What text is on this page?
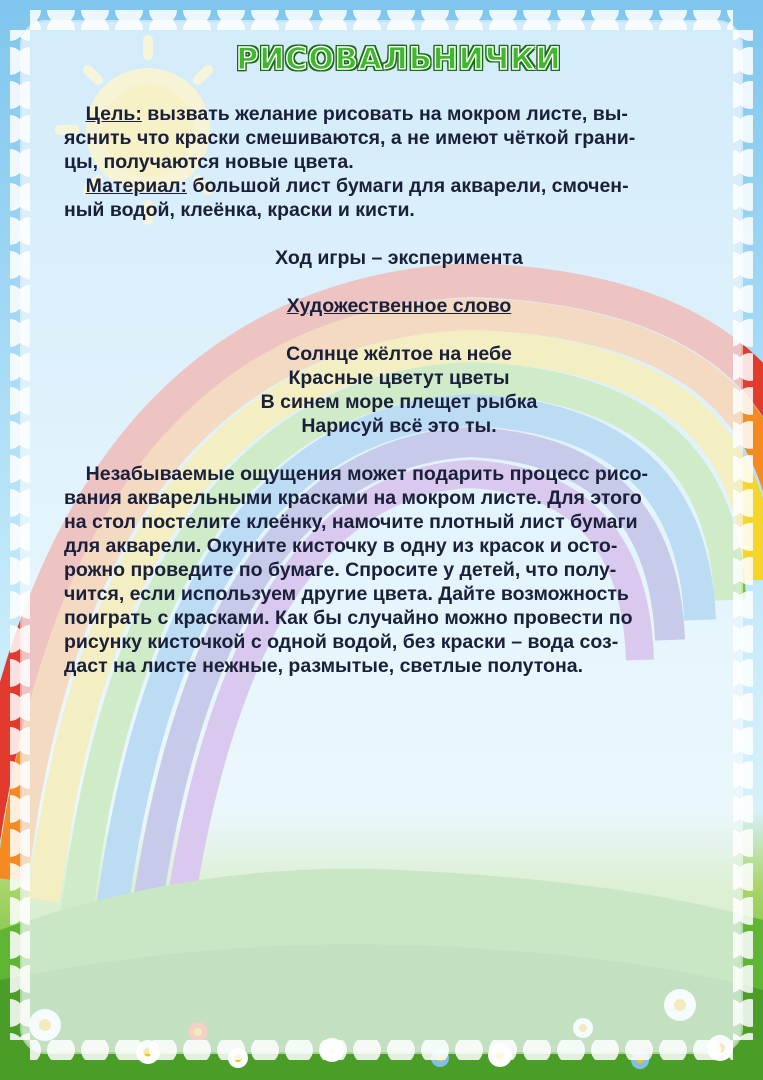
РИСОВАЛЬНИЧКИ

Цель: вызвать желание рисовать на мокром листе, вы-
яснить что краски смешиваются, а не имеют чёткой грани-
цы, получаются новые цвета.

Материал: большой лист бумаги для акварели, смочен-
ный водой, клеёнка, краски и кисти.

Ход игры – эксперимента

Художественное слово

Солнце жёлтое на небе

Красные цветут цветы

В синем море плещет рыбка

Нарисуй всё это ты.

Незабываемые ощущения может подарить процесс рисо-
вания акварельными красками на мокром листе. Для этого
на стол постелите клеёнку, намочите плотный лист бумаги
для акварели. Окуните кисточку в одну из красок и осто-
рожно проведите по бумаге. Спросите у детей, что полу-
чится, если используем другие цвета. Дайте возможность
поиграть с красками. Как бы случайно можно провести по
рисунку кисточкой с одной водой, без краски – вода соз-
даст на листе нежные, размытые, светлые полутона.
